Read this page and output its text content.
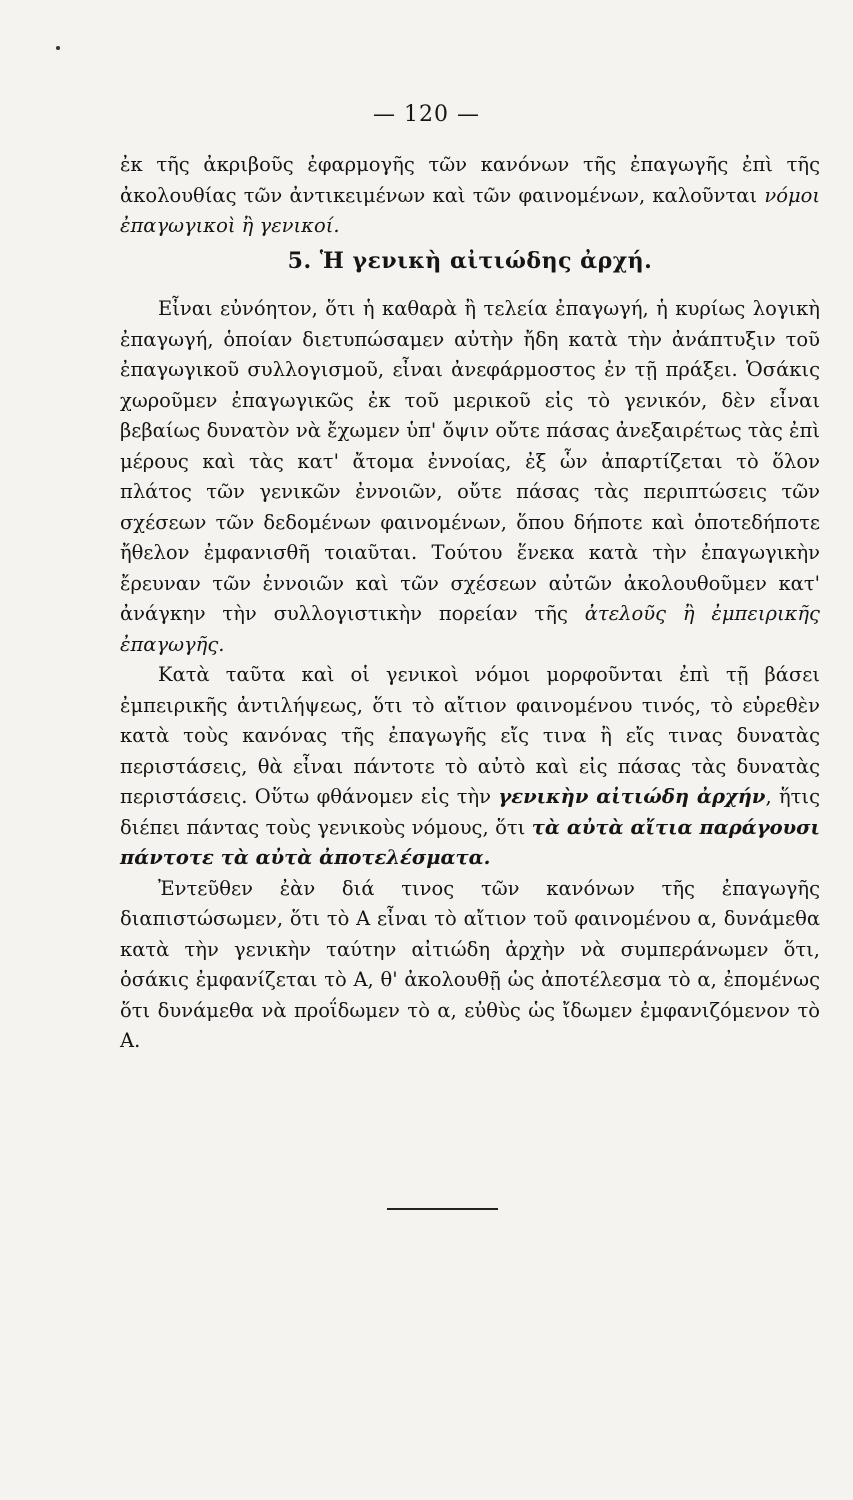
— 120 —

ἐκ τῆς ἀκριβοῦς ἐφαρμογῆς τῶν κανόνων τῆς ἐπαγωγῆς ἐπὶ τῆς ἀκολουθίας τῶν ἀντικειμένων καὶ τῶν φαινομένων, καλοῦνται νόμοι ἐπαγωγικοὶ ἢ γενικοί.

5. Ἡ γενικὴ αἰτιώδης ἀρχή.

Εἶναι εὐνόητον, ὅτι ἡ καθαρὰ ἢ τελεία ἐπαγωγή, ἡ κυρίως λογικὴ ἐπαγωγή, ὁποίαν διετυπώσαμεν αὐτὴν ἤδη κατὰ τὴν ἀνάπτυξιν τοῦ ἐπαγωγικοῦ συλλογισμοῦ, εἶναι ἀνεφάρμοστος ἐν τῇ πράξει. Ὁσάκις χωροῦμεν ἐπαγωγικῶς ἐκ τοῦ μερικοῦ εἰς τὸ γενικόν, δὲν εἶναι βεβαίως δυνατὸν νὰ ἔχωμεν ὑπ' ὄψιν οὔτε πάσας ἀνεξαιρέτως τὰς ἐπὶ μέρους καὶ τὰς κατ' ἄτομα ἐννοίας, ἐξ ὧν ἀπαρτίζεται τὸ ὅλον πλάτος τῶν γενικῶν ἐννοιῶν, οὔτε πάσας τὰς περιπτώσεις τῶν σχέσεων τῶν δεδομένων φαινομένων, ὅπου δήποτε καὶ ὁποτεδήποτε ἤθελον ἐμφανισθῆ τοιαῦται. Τούτου ἕνεκα κατὰ τὴν ἐπαγωγικὴν ἔρευναν τῶν ἐννοιῶν καὶ τῶν σχέσεων αὐτῶν ἀκολουθοῦμεν κατ' ἀνάγκην τὴν συλλογιστικὴν πορείαν τῆς ἀτελοῦς ἢ ἐμπειρικῆς ἐπαγωγῆς.

Κατὰ ταῦτα καὶ οἱ γενικοὶ νόμοι μορφοῦνται ἐπὶ τῇ βάσει ἐμπειρικῆς ἀντιλήψεως, ὅτι τὸ αἴτιον φαινομένου τινός, τὸ εὑρεθὲν κατὰ τοὺς κανόνας τῆς ἐπαγωγῆς εἴς τινα ἢ εἴς τινας δυνατὰς περιστάσεις, θὰ εἶναι πάντοτε τὸ αὐτὸ καὶ εἰς πάσας τὰς δυνατὰς περιστάσεις. Οὕτω φθάνομεν εἰς τὴν γενικὴν αἰτιώδη ἀρχήν, ἥτις διέπει πάντας τοὺς γενικοὺς νόμους, ὅτι τὰ αὐτὰ αἴτια παράγουσι πάντοτε τὰ αὐτὰ ἀποτελέσματα.

Ἐντεῦθεν ἐὰν διά τινος τῶν κανόνων τῆς ἐπαγωγῆς διαπιστώσωμεν, ὅτι τὸ Α εἶναι τὸ αἴτιον τοῦ φαινομένου α, δυνάμεθα κατὰ τὴν γενικὴν ταύτην αἰτιώδη ἀρχὴν νὰ συμπεράνωμεν ὅτι, ὁσάκις ἐμφανίζεται τὸ Α, θ' ἀκολουθῇ ὡς ἀποτέλεσμα τὸ α, ἐπομένως ὅτι δυνάμεθα νὰ προΐδωμεν τὸ α, εὐθὺς ὡς ἴδωμεν ἐμφανιζόμενον τὸ Α.
